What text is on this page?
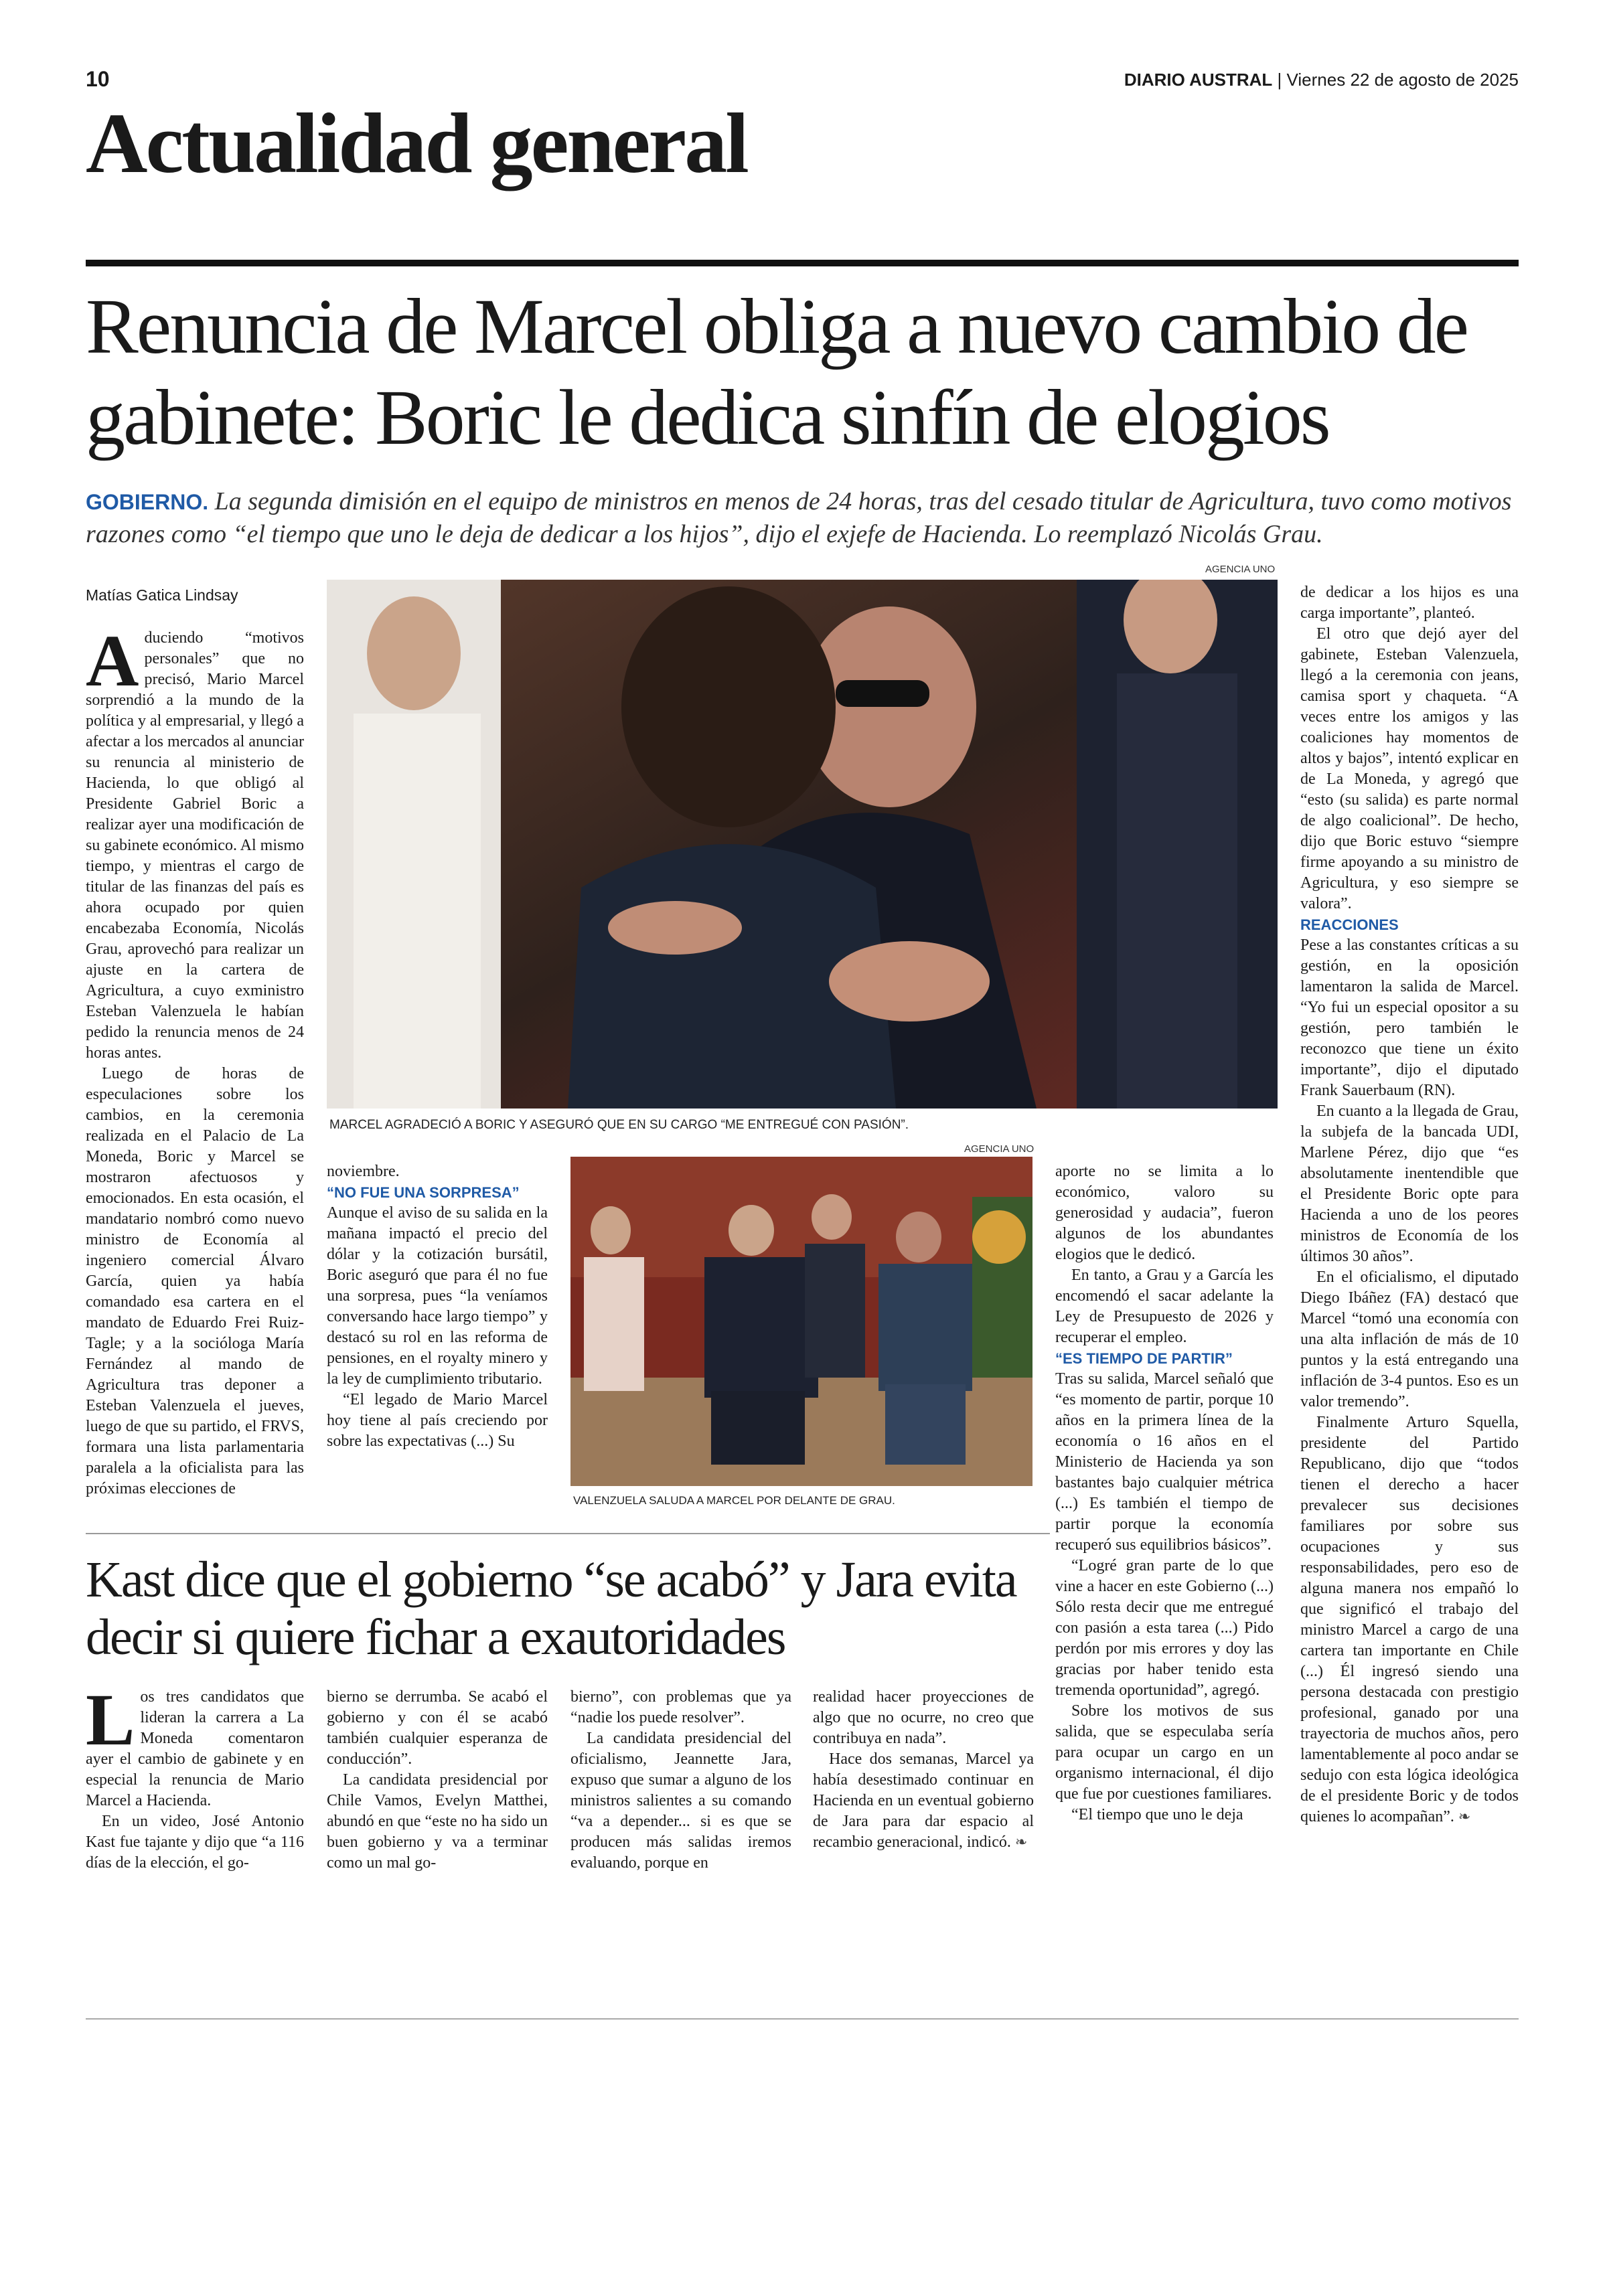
10	DIARIO AUSTRAL | Viernes 22 de agosto de 2025
Actualidad general
Renuncia de Marcel obliga a nuevo cambio de gabinete: Boric le dedica sinfín de elogios
GOBIERNO. La segunda dimisión en el equipo de ministros en menos de 24 horas, tras del cesado titular de Agricultura, tuvo como motivos razones como “el tiempo que uno le deja de dedicar a los hijos”, dijo el exjefe de Hacienda. Lo reemplazó Nicolás Grau.
Matías Gatica Lindsay
AGENCIA UNO
MARCEL AGRADECIÓ A BORIC Y ASEGURÓ QUE EN SU CARGO “ME ENTREGUÉ CON PASIÓN”.
AGENCIA UNO
VALENZUELA SALUDA A MARCEL POR DELANTE DE GRAU.

Aduciendo “motivos personales” que no precisó, Mario Marcel sorprendió a la mundo de la política y al empresarial, y llegó a afectar a los mercados al anunciar su renuncia al ministerio de Hacienda, lo que obligó al Presidente Gabriel Boric a realizar ayer una modificación de su gabinete económico. Al mismo tiempo, y mientras el cargo de titular de las finanzas del país es ahora ocupado por quien encabezaba Economía, Nicolás Grau, aprovechó para realizar un ajuste en la cartera de Agricultura, a cuyo exministro Esteban Valenzuela le habían pedido la renuncia menos de 24 horas antes.

Luego de horas de especulaciones sobre los cambios, en la ceremonia realizada en el Palacio de La Moneda, Boric y Marcel se mostraron afectuosos y emocionados. En esta ocasión, el mandatario nombró como nuevo ministro de Economía al ingeniero comercial Álvaro García, quien ya había comandado esa cartera en el mandato de Eduardo Frei Ruiz-Tagle; y a la socióloga María Fernández al mando de Agricultura tras deponer a Esteban Valenzuela el jueves, luego de que su partido, el FRVS, formara una lista parlamentaria paralela a la oficialista para las próximas elecciones de

noviembre.

“NO FUE UNA SORPRESA”

Aunque el aviso de su salida en la mañana impactó el precio del dólar y la cotización bursátil, Boric aseguró que para él no fue una sorpresa, pues “la veníamos conversando hace largo tiempo” y destacó su rol en las reforma de pensiones, en el royalty minero y la ley de cumplimiento tributario.

“El legado de Mario Marcel hoy tiene al país creciendo por sobre las expectativas (...) Su

aporte no se limita a lo económico, valoro su generosidad y audacia”, fueron algunos de los abundantes elogios que le dedicó.

En tanto, a Grau y a García les encomendó el sacar adelante la Ley de Presupuesto de 2026 y recuperar el empleo.

“ES TIEMPO DE PARTIR”

Tras su salida, Marcel señaló que “es momento de partir, porque 10 años en la primera línea de la economía o 16 años en el Ministerio de Hacienda ya son bastantes bajo cualquier métrica (...) Es también el tiempo de partir porque la economía recuperó sus equilibrios básicos”.

“Logré gran parte de lo que vine a hacer en este Gobierno (...) Sólo resta decir que me entregué con pasión a esta tarea (...) Pido perdón por mis errores y doy las gracias por haber tenido esta tremenda oportunidad”, agregó.

Sobre los motivos de sus salida, que se especulaba sería para ocupar un cargo en un organismo internacional, él dijo que fue por cuestiones familiares.

“El tiempo que uno le deja

de dedicar a los hijos es una carga importante”, planteó.

El otro que dejó ayer del gabinete, Esteban Valenzuela, llegó a la ceremonia con jeans, camisa sport y chaqueta. “A veces entre los amigos y las coaliciones hay momentos de altos y bajos”, intentó explicar en de La Moneda, y agregó que “esto (su salida) es parte normal de algo coalicional”. De hecho, dijo que Boric estuvo “siempre firme apoyando a su ministro de Agricultura, y eso siempre se valora”.

REACCIONES

Pese a las constantes críticas a su gestión, en la oposición lamentaron la salida de Marcel. “Yo fui un especial opositor a su gestión, pero también le reconozco que tiene un éxito importante”, dijo el diputado Frank Sauerbaum (RN).

En cuanto a la llegada de Grau, la subjefa de la bancada UDI, Marlene Pérez, dijo que “es absolutamente inentendible que el Presidente Boric opte para Hacienda a uno de los peores ministros de Economía de los últimos 30 años”.

En el oficialismo, el diputado Diego Ibáñez (FA) destacó que Marcel “tomó una economía con una alta inflación de más de 10 puntos y la está entregando una inflación de 3-4 puntos. Eso es un valor tremendo”.

Finalmente Arturo Squella, presidente del Partido Republicano, dijo que “todos tienen el derecho a hacer prevalecer sus decisiones familiares por sobre sus ocupaciones y sus responsabilidades, pero eso de alguna manera nos empañó lo que significó el trabajo del ministro Marcel a cargo de una cartera tan importante en Chile (...) Él ingresó siendo una persona destacada con prestigio profesional, ganado por una trayectoria de muchos años, pero lamentablemente al poco andar se sedujo con esta lógica ideológica de el presidente Boric y de todos quienes lo acompañan”. ❧

Kast dice que el gobierno “se acabó” y Jara evita decir si quiere fichar a exautoridades

Los tres candidatos que lideran la carrera a La Moneda comentaron ayer el cambio de gabinete y en especial la renuncia de Mario Marcel a Hacienda.

En un video, José Antonio Kast fue tajante y dijo que “a 116 días de la elección, el go-

bierno se derrumba. Se acabó el gobierno y con él se acabó también cualquier esperanza de conducción”.

La candidata presidencial por Chile Vamos, Evelyn Matthei, abundó en que “este no ha sido un buen gobierno y va a terminar como un mal go-

bierno”, con problemas que ya “nadie los puede resolver”.

La candidata presidencial del oficialismo, Jeannette Jara, expuso que sumar a alguno de los ministros salientes a su comando “va a depender... si es que se producen más salidas iremos evaluando, porque en

realidad hacer proyecciones de algo que no ocurre, no creo que contribuya en nada”.

Hace dos semanas, Marcel ya había desestimado continuar en Hacienda en un eventual gobierno de Jara para dar espacio al recambio generacional, indicó. ❧
